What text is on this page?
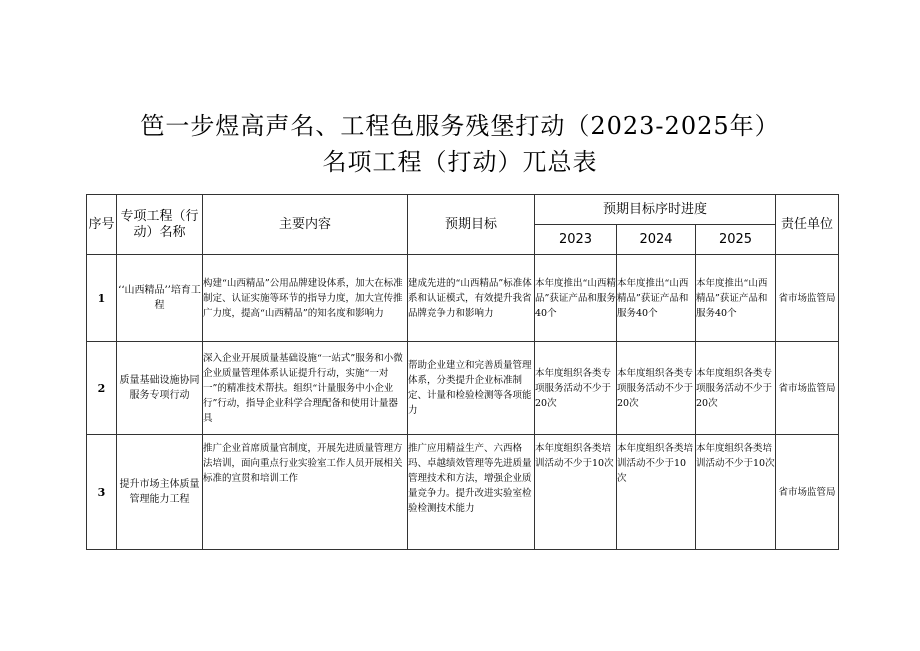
笆一步煜高声名、工程色服务残堡打动（2023-2025年）
名项工程（打动）兀总表
序号	专项工程（行动）名称	主要内容	预期目标	预期目标序时进度			责任单位
				2023	2024	2025	
1	‘‘山西精品’’培育工程	构建“山西精品”公用品牌建设体系，加大在标准制定、认证实施等环节的指导力度，加大宣传推广力度，提高“山西精品”的知名度和影响力	建成先进的“山西精品”标准体系和认证模式，有效提升我省品牌竞争力和影响力	本年度推出“山西精品”获证产品和服务40个	本年度推出“山西精品”获证产品和服务40个	本年度推出“山西精品”获证产品和服务40个	省市场监管局
2	质量基础设施协同服务专项行动	深入企业开展质量基础设施“一站式”服务和小微企业质量管理体系认证提升行动，实施“一对一”的精准技术帮扶。组织“计量服务中小企业行”行动，指导企业科学合理配备和使用计量器具	帮助企业建立和完善质量管理体系，分类提升企业标准制定、计量和检验检测等各项能力	本年度组织各类专项服务活动不少于20次	本年度组织各类专项服务活动不少于20次	本年度组织各类专项服务活动不少于20次	省市场监管局
3	提升市场主体质量管理能力工程	推广企业首席质量官制度，开展先进质量管理方法培训，面向重点行业实验室工作人员开展相关标准的宣贯和培训工作	推广应用精益生产、六西格玛、卓越绩效管理等先进质量管理技术和方法，增强企业质量竞争力。提升改进实验室检验检测技术能力	本年度组织各类培训活动不少于10次	本年度组织各类培训活动不少于10次	本年度组织各类培训活动不少于10次	省市场监管局
